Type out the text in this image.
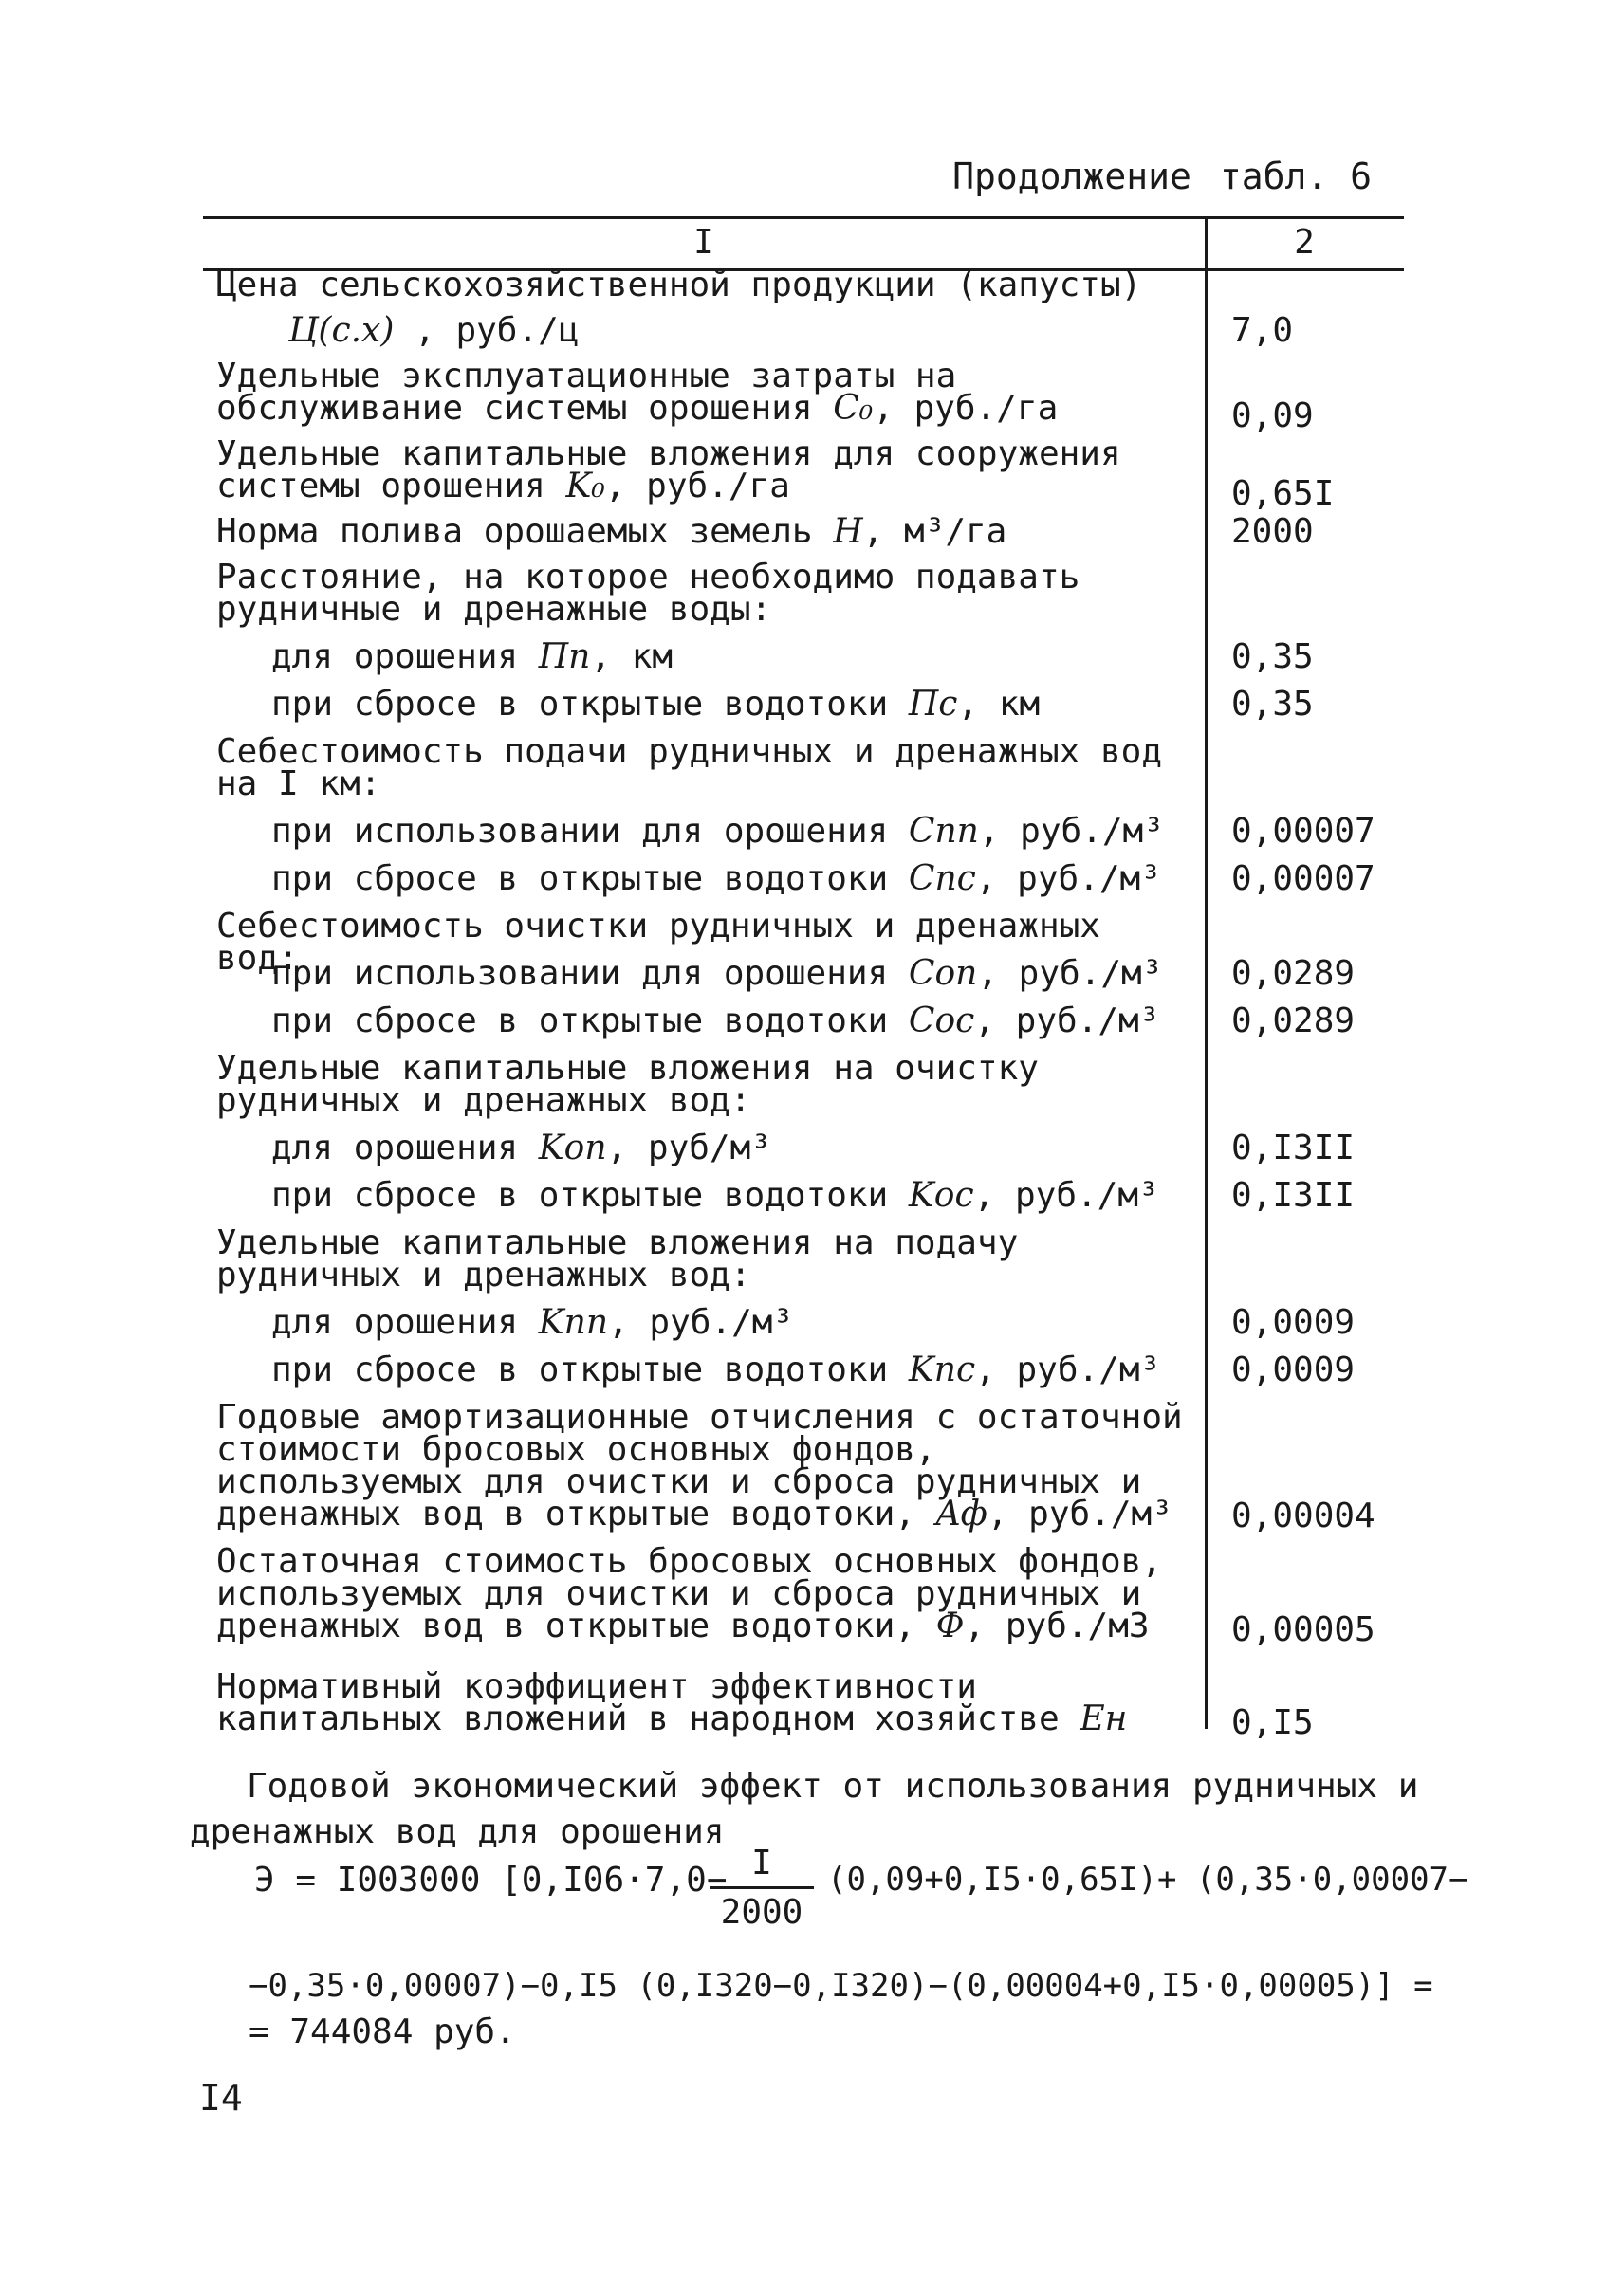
Продолжение табл. 6
I	2
Цена сельскохозяйственной продукции (капусты)
Ц(c.х) , руб./ц	7,0
Удельные эксплуатационные затраты на обслуживание системы орошения C₀, руб./га	0,09
Удельные капитальные вложения для сооружения системы орошения K₀, руб./га	0,65I
Норма полива орошаемых земель H, м³/га	2000
Расстояние, на которое необходимо подавать рудничные и дренажные воды:
для орошения Пп, км	0,35
при сбросе в открытые водотоки Пс, км	0,35
Себестоимость подачи рудничных и дренажных вод на I км:
при использовании для орошения Cпп, руб./м³	0,00007
при сбросе в открытые водотоки Cпс, руб./м³	0,00007
Себестоимость очистки рудничных и дренажных вод:
при использовании для орошения Cоп, руб./м³	0,0289
при сбросе в открытые водотоки Cос, руб./м³	0,0289
Удельные капитальные вложения на очистку рудничных и дренажных вод:
для орошения Kоп, руб/м³	0,I3II
при сбросе в открытые водотоки Kос, руб./м³	0,I3II
Удельные капитальные вложения на подачу рудничных и дренажных вод:
для орошения Kпп, руб./м³	0,0009
при сбросе в открытые водотоки Kпс, руб./м³	0,0009
Годовые амортизационные отчисления с остаточной стоимости бросовых основных фондов, используемых для очистки и сброса рудничных и дренажных вод в открытые водотоки, Aф, руб./м³	0,00004
Остаточная стоимость бросовых основных фондов, используемых для очистки и сброса рудничных и дренажных вод в открытые водотоки, Ф, руб./м3	0,00005
Нормативный коэффициент эффективности капитальных вложений в народном хозяйстве Eн	0,I5
Годовой экономический эффект от использования рудничных и дренажных вод для орошения
Э = I003000 [0,I06·7,0−
$\frac{I}{2000} (0,09+0,I5\cdot 0,65I)+ (0,35\cdot 0,00007-$
−0,35·0,00007)−0,I5 (0,I320−0,I320)−(0,00004+0,I5·0,00005)] =
= 744084 руб.
I4
